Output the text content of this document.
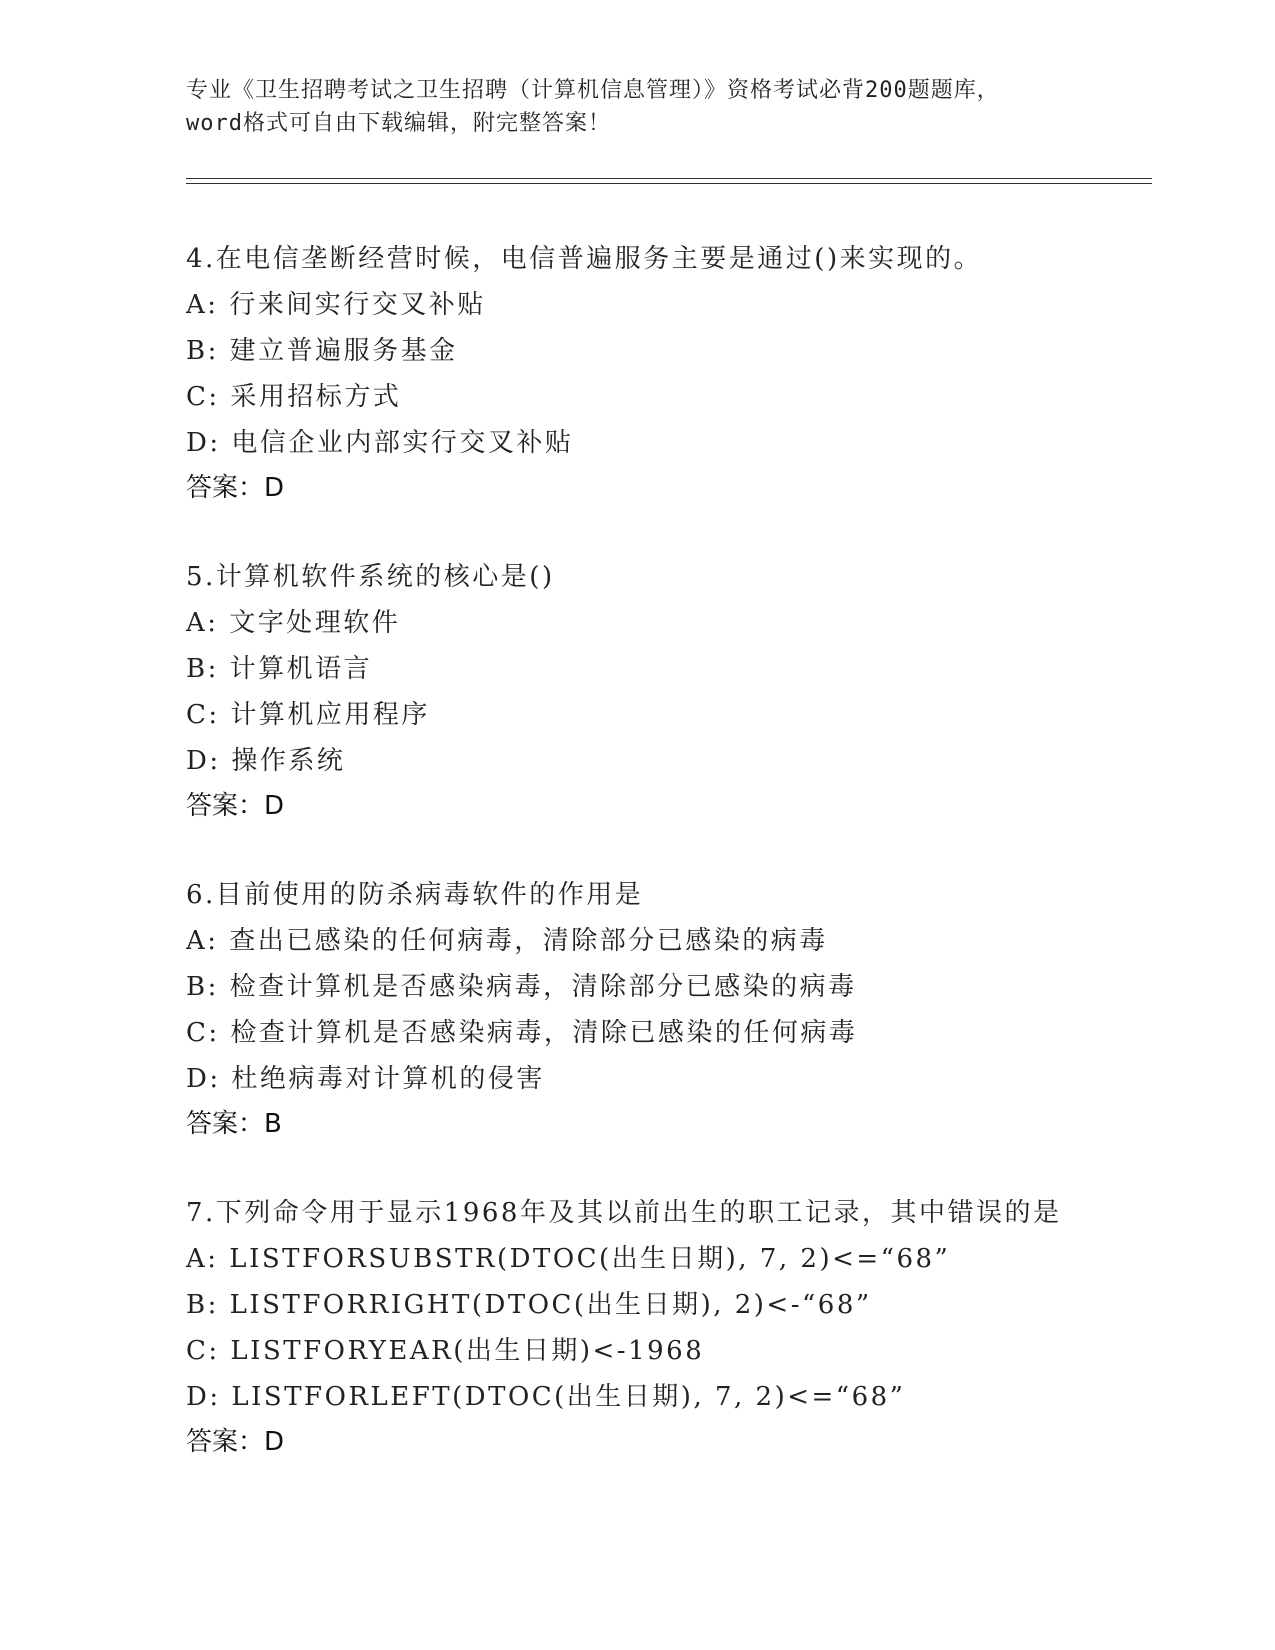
专业《卫生招聘考试之卫生招聘（计算机信息管理）》资格考试必背200题题库，
word格式可自由下载编辑，附完整答案！
4.在电信垄断经营时候，电信普遍服务主要是通过()来实现的。
A: 行来间实行交叉补贴
B: 建立普遍服务基金
C: 采用招标方式
D: 电信企业内部实行交叉补贴
答案：D
5.计算机软件系统的核心是()
A: 文字处理软件
B: 计算机语言
C: 计算机应用程序
D: 操作系统
答案：D
6.目前使用的防杀病毒软件的作用是
A: 查出已感染的任何病毒，清除部分已感染的病毒
B: 检查计算机是否感染病毒，清除部分已感染的病毒
C: 检查计算机是否感染病毒，清除已感染的任何病毒
D: 杜绝病毒对计算机的侵害
答案：B
7.下列命令用于显示1968年及其以前出生的职工记录，其中错误的是
A: LISTFORSUBSTR(DTOC(出生日期), 7, 2)<=“68”
B: LISTFORRIGHT(DTOC(出生日期), 2)<-“68”
C: LISTFORYEAR(出生日期)<-1968
D: LISTFORLEFT(DTOC(出生日期), 7, 2)<=“68”
答案：D
